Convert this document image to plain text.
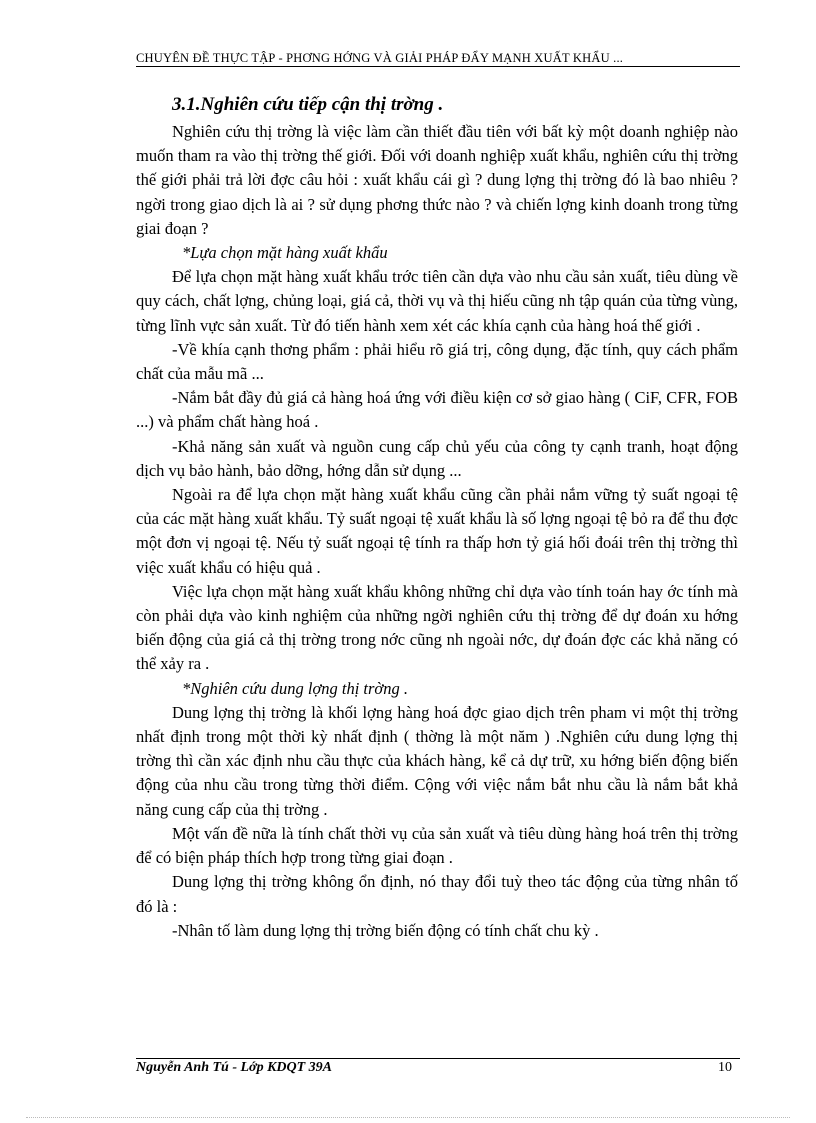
CHUYÊN ĐỀ THỰC TẬP - PHƠNG HỚNG VÀ GIẢI PHÁP ĐẨY MẠNH XUẤT KHẨU ...
3.1.Nghiên cứu tiếp cận thị trờng .

Nghiên cứu thị trờng là việc làm cần thiết đầu tiên với bất kỳ một doanh nghiệp nào muốn tham ra vào thị trờng thế giới. Đối với doanh nghiệp xuất khẩu, nghiên cứu thị trờng thế giới phải trả lời đợc câu hỏi : xuất khẩu cái gì ? dung lợng thị trờng đó là bao nhiêu ? ngời trong giao dịch là ai ? sử dụng phơng thức nào ? và chiến lợng kinh doanh trong từng giai đoạn ?

*Lựa chọn mặt hàng xuất khẩu

Để lựa chọn mặt hàng xuất khẩu trớc tiên cần dựa vào nhu cầu sản xuất, tiêu dùng về quy cách, chất lợng, chủng loại, giá cả, thời vụ và thị hiếu cũng nh tập quán của từng vùng, từng lĩnh vực sản xuất. Từ đó tiến hành xem xét các khía cạnh của hàng hoá thế giới .

-Về khía cạnh thơng phẩm : phải hiểu rõ giá trị, công dụng, đặc tính, quy cách phẩm chất của mẫu mã ...

-Nắm bắt đầy đủ giá cả hàng hoá ứng với điều kiện cơ sở giao hàng ( CiF, CFR, FOB ...) và phẩm chất hàng hoá .

-Khả năng sản xuất và nguồn cung cấp chủ yếu của công ty cạnh tranh, hoạt động dịch vụ bảo hành, bảo dỡng, hớng dẫn sử dụng ...

Ngoài ra để lựa chọn mặt hàng xuất khẩu cũng cần phải nắm vững tỷ suất ngoại tệ của các mặt hàng xuất khẩu. Tỷ suất ngoại tệ xuất khẩu là số lợng ngoại tệ bỏ ra để thu đợc một đơn vị ngoại tệ. Nếu tỷ suất ngoại tệ tính ra thấp hơn tỷ giá hối đoái trên thị trờng thì việc xuất khẩu có hiệu quả .

Việc lựa chọn mặt hàng xuất khẩu không những chỉ dựa vào tính toán hay ớc tính mà còn phải dựa vào kinh nghiệm của những ngời nghiên cứu thị trờng để dự đoán xu hớng biến động của giá cả thị trờng trong nớc cũng nh ngoài nớc, dự đoán đợc các khả năng có thể xảy ra .

*Nghiên cứu dung lợng thị trờng .

Dung lợng thị trờng là khối lợng hàng hoá đợc giao dịch trên pham vi một thị trờng nhất định trong một thời kỳ nhất định ( thờng là một năm ) .Nghiên cứu dung lợng thị trờng thì cần xác định nhu cầu thực của khách hàng, kể cả dự trữ, xu hớng biến động biến động của nhu cầu trong từng thời điểm. Cộng với việc nắm bắt nhu cầu là nắm bắt khả năng cung cấp của thị trờng .

Một vấn đề nữa là tính chất thời vụ của sản xuất và tiêu dùng hàng hoá trên thị trờng để có biện pháp thích hợp trong từng giai đoạn .

Dung lợng thị trờng không ổn định, nó thay đổi tuỳ theo tác động của từng nhân tố đó là :

-Nhân tố làm dung lợng thị trờng biến động có tính chất chu kỳ .

Nguyễn Anh Tú - Lớp KDQT 39A	10
